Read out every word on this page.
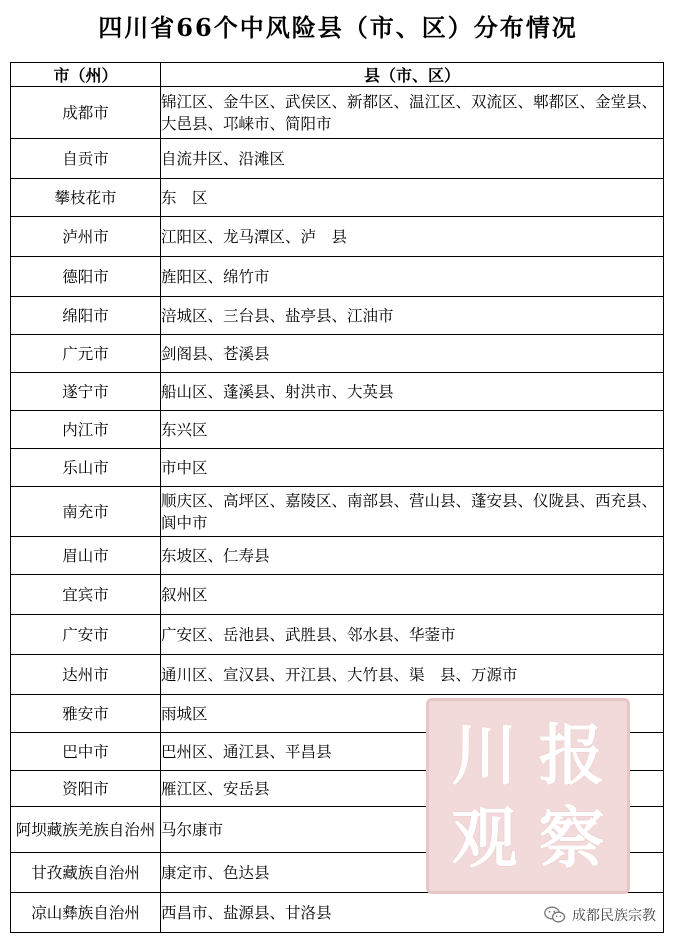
四川省66个中风险县（市、区）分布情况
市（州）	县（市、区）
成都市	锦江区、金牛区、武侯区、新都区、温江区、双流区、郫都区、金堂县、大邑县、邛崃市、简阳市
自贡市	自流井区、沿滩区
攀枝花市	东　区
泸州市	江阳区、龙马潭区、泸　县
德阳市	旌阳区、绵竹市
绵阳市	涪城区、三台县、盐亭县、江油市
广元市	剑阁县、苍溪县
遂宁市	船山区、蓬溪县、射洪市、大英县
内江市	东兴区
乐山市	市中区
南充市	顺庆区、高坪区、嘉陵区、南部县、营山县、蓬安县、仪陇县、西充县、阆中市
眉山市	东坡区、仁寿县
宜宾市	叙州区
广安市	广安区、岳池县、武胜县、邻水县、华蓥市
达州市	通川区、宣汉县、开江县、大竹县、渠　县、万源市
雅安市	雨城区
巴中市	巴州区、通江县、平昌县
资阳市	雁江区、安岳县
阿坝藏族羌族自治州	马尔康市
甘孜藏族自治州	康定市、色达县
凉山彝族自治州	西昌市、盐源县、甘洛县
川 报
观 察
成都民族宗教
